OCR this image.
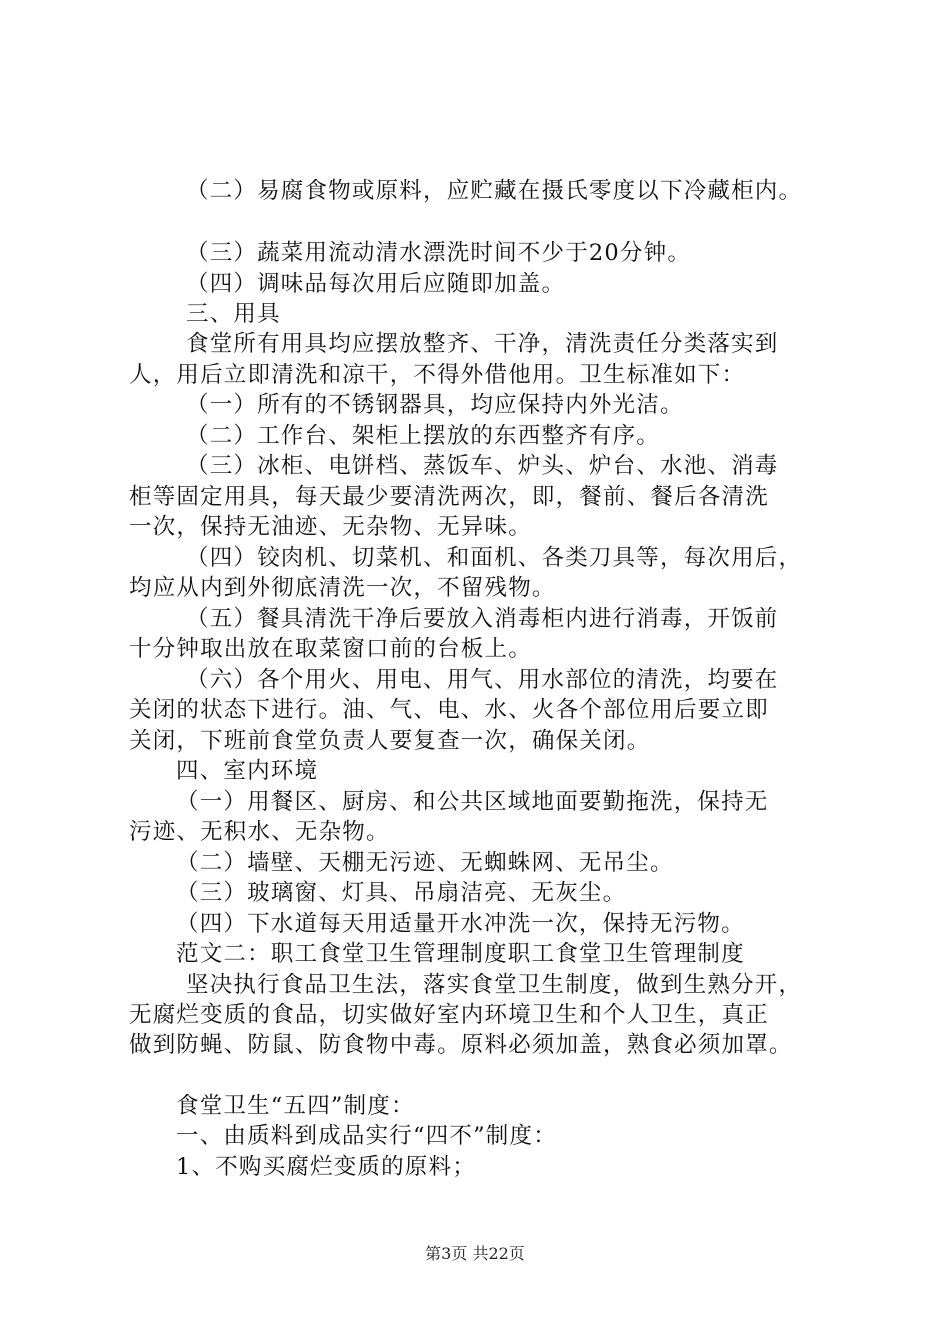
（二）易腐食物或原料，应贮藏在摄氏零度以下冷藏柜内。
（三）蔬菜用流动清水漂洗时间不少于20分钟。
（四）调味品每次用后应随即加盖。
三、用具
食堂所有用具均应摆放整齐、干净，清洗责任分类落实到
人，用后立即清洗和凉干，不得外借他用。卫生标准如下：
（一）所有的不锈钢器具，均应保持内外光洁。
（二）工作台、架柜上摆放的东西整齐有序。
（三）冰柜、电饼档、蒸饭车、炉头、炉台、水池、消毒
柜等固定用具，每天最少要清洗两次，即，餐前、餐后各清洗
一次，保持无油迹、无杂物、无异味。
（四）铰肉机、切菜机、和面机、各类刀具等，每次用后，
均应从内到外彻底清洗一次，不留残物。
（五）餐具清洗干净后要放入消毒柜内进行消毒，开饭前
十分钟取出放在取菜窗口前的台板上。
（六）各个用火、用电、用气、用水部位的清洗，均要在
关闭的状态下进行。油、气、电、水、火各个部位用后要立即
关闭，下班前食堂负责人要复查一次，确保关闭。
四、室内环境
（一）用餐区、厨房、和公共区域地面要勤拖洗，保持无
污迹、无积水、无杂物。
（二）墙壁、天棚无污迹、无蜘蛛网、无吊尘。
（三）玻璃窗、灯具、吊扇洁亮、无灰尘。
（四）下水道每天用适量开水冲洗一次，保持无污物。
范文二：职工食堂卫生管理制度职工食堂卫生管理制度
坚决执行食品卫生法，落实食堂卫生制度，做到生熟分开，
无腐烂变质的食品，切实做好室内环境卫生和个人卫生，真正
做到防蝇、防鼠、防食物中毒。原料必须加盖，熟食必须加罩。
食堂卫生“五四”制度：
一、由质料到成品实行“四不”制度：
1、不购买腐烂变质的原料；
第3页 共22页
